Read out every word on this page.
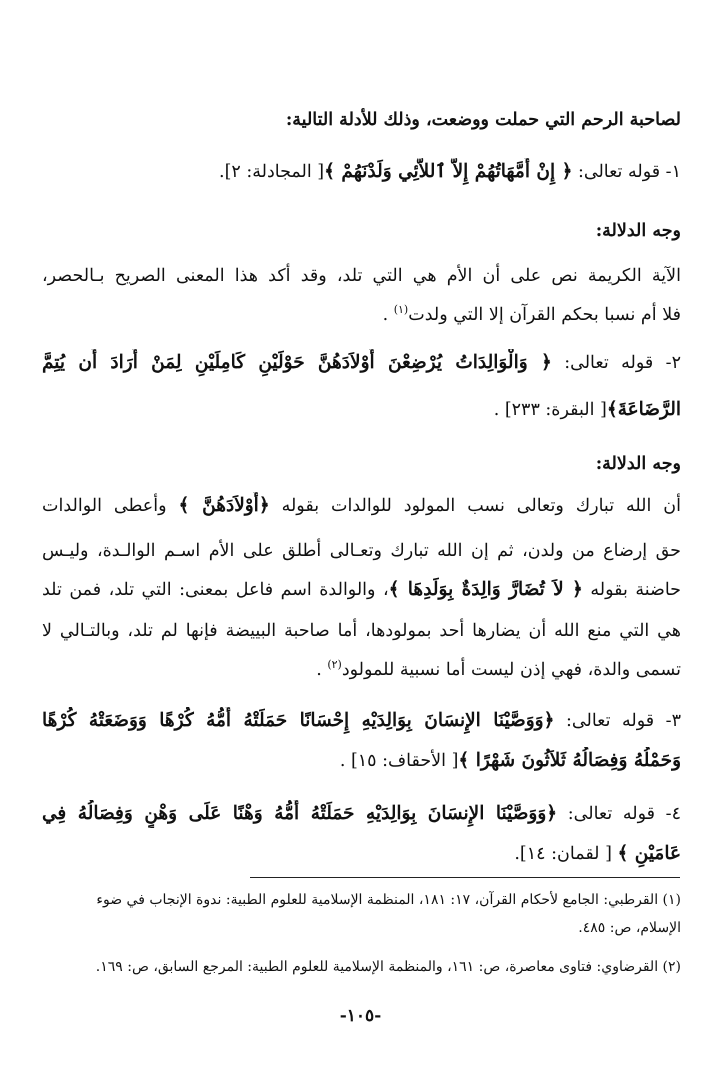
لصاحبة الرحم التي حملت ووضعت، وذلك للأدلة التالية:
١- قوله تعالى: ﴿ إِنْ أُمَّهَاتُهُمْ إِلاَّ ٱللاَّئِي وَلَدْنَهُمْ ﴾[ المجادلة: ٢].
وجه الدلالة:
الآية الكريمة نص على أن الأم هي التي تلد، وقد أكد هذا المعنى الصريح بـالحصر،
فلا أم نسبا بحكم القرآن إلا التي ولدت$^{(١)}$ .
٢- قوله تعالى: ﴿ وَالْوَالِدَاتُ يُرْضِعْنَ أَوْلاَدَهُنَّ حَوْلَيْنِ كَامِلَيْنِ لِمَنْ أَرَادَ أَن يُتِمَّ
الرَّضَاعَةَ﴾[ البقرة: ٢٣٣] .
وجه الدلالة:
أن الله تبارك وتعالى نسب المولود للوالدات بقوله ﴿أَوْلاَدَهُنَّ ﴾ وأعطى الوالدات
حق إرضاع من ولدن، ثم إن الله تبارك وتعـالى أطلق على الأم اسـم الوالـدة، وليـس
حاضنة بقوله ﴿ لاَ تُضَارَّ وَالِدَةٌ بِوَلَدِهَا ﴾، والوالدة اسم فاعل بمعنى: التي تلد، فمن تلد
هي التي منع الله أن يضارها أحد بمولودها، أما صاحبة البييضة فإنها لم تلد، وبالتـالي لا
تسمى والدة، فهي إذن ليست أما نسبية للمولود$^{(٢)}$ .
٣- قوله تعالى: ﴿وَوَصَّيْنَا الإِنسَانَ بِوَالِدَيْهِ إِحْسَانًا حَمَلَتْهُ أُمُّهُ كُرْهًا وَوَضَعَتْهُ كُرْهًا
وَحَمْلُهُ وَفِصَالُهُ ثَلاَثُونَ شَهْرًا ﴾[ الأحقاف: ١٥] .
٤- قوله تعالى: ﴿وَوَصَّيْنَا الإِنسَانَ بِوَالِدَيْهِ حَمَلَتْهُ أُمُّهُ وَهْنًا عَلَى وَهْنٍ وَفِصَالُهُ فِي
عَامَيْنِ ﴾ [ لقمان: ١٤].
(١) القرطبي: الجامع لأحكام القرآن، ١٧: ١٨١، المنظمة الإسلامية للعلوم الطبية: ندوة الإنجاب في ضوء
الإسلام، ص: ٤٨٥.
(٢) القرضاوي: فتاوى معاصرة، ص: ١٦١، والمنظمة الإسلامية للعلوم الطبية: المرجع السابق، ص: ١٦٩.
-١٠٥-
